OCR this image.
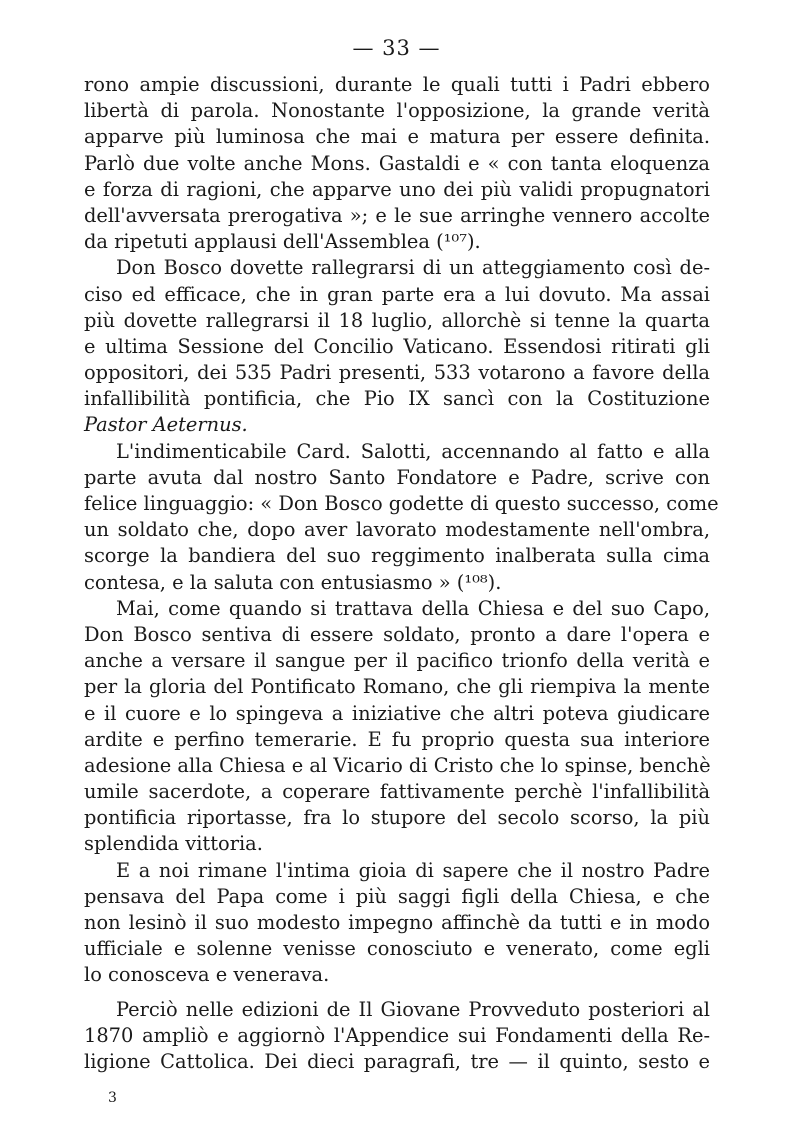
— 33 —
rono ampie discussioni, durante le quali tutti i Padri ebbero
libertà di parola. Nonostante l'opposizione, la grande verità
apparve più luminosa che mai e matura per essere definita.
Parlò due volte anche Mons. Gastaldi e « con tanta eloquenza
e forza di ragioni, che apparve uno dei più validi propugnatori
dell'avversata prerogativa »; e le sue arringhe vennero accolte
da ripetuti applausi dell'Assemblea (¹⁰⁷).
Don Bosco dovette rallegrarsi di un atteggiamento così de-
ciso ed efficace, che in gran parte era a lui dovuto. Ma assai
più dovette rallegrarsi il 18 luglio, allorchè si tenne la quarta
e ultima Sessione del Concilio Vaticano. Essendosi ritirati gli
oppositori, dei 535 Padri presenti, 533 votarono a favore della
infallibilità pontificia, che Pio IX sancì con la Costituzione
Pastor Aeternus.
L'indimenticabile Card. Salotti, accennando al fatto e alla
parte avuta dal nostro Santo Fondatore e Padre, scrive con
felice linguaggio: « Don Bosco godette di questo successo, come
un soldato che, dopo aver lavorato modestamente nell'ombra,
scorge la bandiera del suo reggimento inalberata sulla cima
contesa, e la saluta con entusiasmo » (¹⁰⁸).
Mai, come quando si trattava della Chiesa e del suo Capo,
Don Bosco sentiva di essere soldato, pronto a dare l'opera e
anche a versare il sangue per il pacifico trionfo della verità e
per la gloria del Pontificato Romano, che gli riempiva la mente
e il cuore e lo spingeva a iniziative che altri poteva giudicare
ardite e perfino temerarie. E fu proprio questa sua interiore
adesione alla Chiesa e al Vicario di Cristo che lo spinse, benchè
umile sacerdote, a coperare fattivamente perchè l'infallibilità
pontificia riportasse, fra lo stupore del secolo scorso, la più
splendida vittoria.
E a noi rimane l'intima gioia di sapere che il nostro Padre
pensava del Papa come i più saggi figli della Chiesa, e che
non lesinò il suo modesto impegno affinchè da tutti e in modo
ufficiale e solenne venisse conosciuto e venerato, come egli
lo conosceva e venerava.
Perciò nelle edizioni de Il Giovane Provveduto posteriori al
1870 ampliò e aggiornò l'Appendice sui Fondamenti della Re-
ligione Cattolica. Dei dieci paragrafi, tre — il quinto, sesto e
3
